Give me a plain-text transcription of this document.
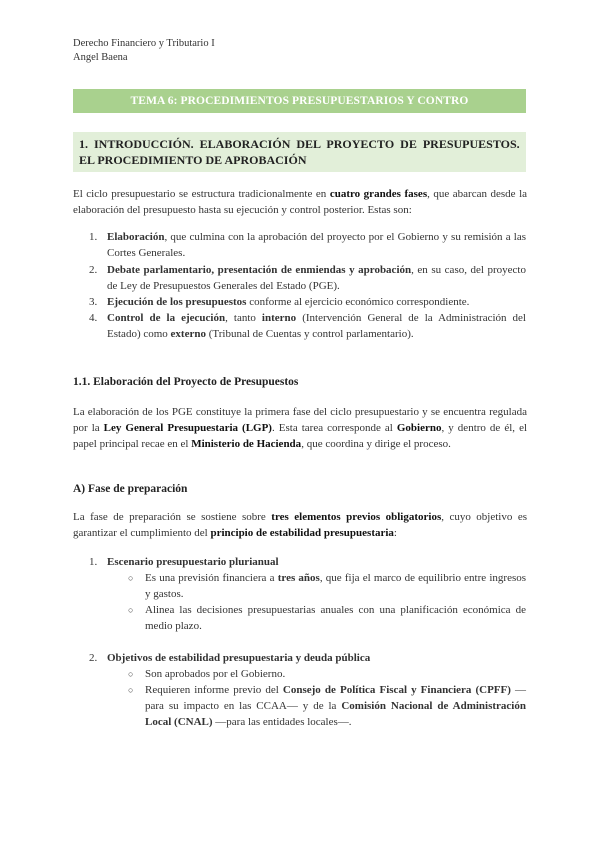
Derecho Financiero y Tributario I
Angel Baena
TEMA 6: PROCEDIMIENTOS PRESUPUESTARIOS Y CONTRO
1.  INTRODUCCIÓN.  ELABORACIÓN  DEL  PROYECTO  DE  PRESUPUESTOS.
EL PROCEDIMIENTO DE APROBACIÓN
El ciclo presupuestario se estructura tradicionalmente en cuatro grandes fases, que abarcan desde la elaboración del presupuesto hasta su ejecución y control posterior. Estas son:
1. Elaboración, que culmina con la aprobación del proyecto por el Gobierno y su remisión a las Cortes Generales.
2. Debate parlamentario, presentación de enmiendas y aprobación, en su caso, del proyecto de Ley de Presupuestos Generales del Estado (PGE).
3. Ejecución de los presupuestos conforme al ejercicio económico correspondiente.
4. Control de la ejecución, tanto interno (Intervención General de la Administración del Estado) como externo (Tribunal de Cuentas y control parlamentario).
1.1. Elaboración del Proyecto de Presupuestos
La elaboración de los PGE constituye la primera fase del ciclo presupuestario y se encuentra regulada por la Ley General Presupuestaria (LGP). Esta tarea corresponde al Gobierno, y dentro de él, el papel principal recae en el Ministerio de Hacienda, que coordina y dirige el proceso.
A) Fase de preparación
La fase de preparación se sostiene sobre tres elementos previos obligatorios, cuyo objetivo es garantizar el cumplimiento del principio de estabilidad presupuestaria:
1. Escenario presupuestario plurianual
○ Es una previsión financiera a tres años, que fija el marco de equilibrio entre ingresos y gastos.
○ Alinea las decisiones presupuestarias anuales con una planificación económica de medio plazo.
2. Objetivos de estabilidad presupuestaria y deuda pública
○ Son aprobados por el Gobierno.
○ Requieren informe previo del Consejo de Política Fiscal y Financiera (CPFF) —para su impacto en las CCAA— y de la Comisión Nacional de Administración Local (CNAL) —para las entidades locales—.
